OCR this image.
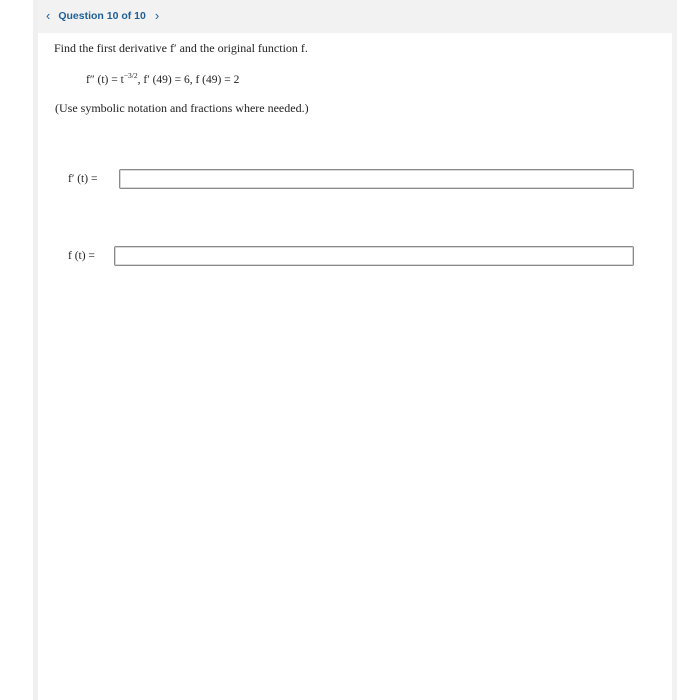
‹ Question 10 of 10 ›
Find the first derivative f′ and the original function f.
f″ $(t) = t^{-3/2}$, f′ (49) = 6, f (49) = 2
(Use symbolic notation and fractions where needed.)
f′ (t) =
f (t) =
